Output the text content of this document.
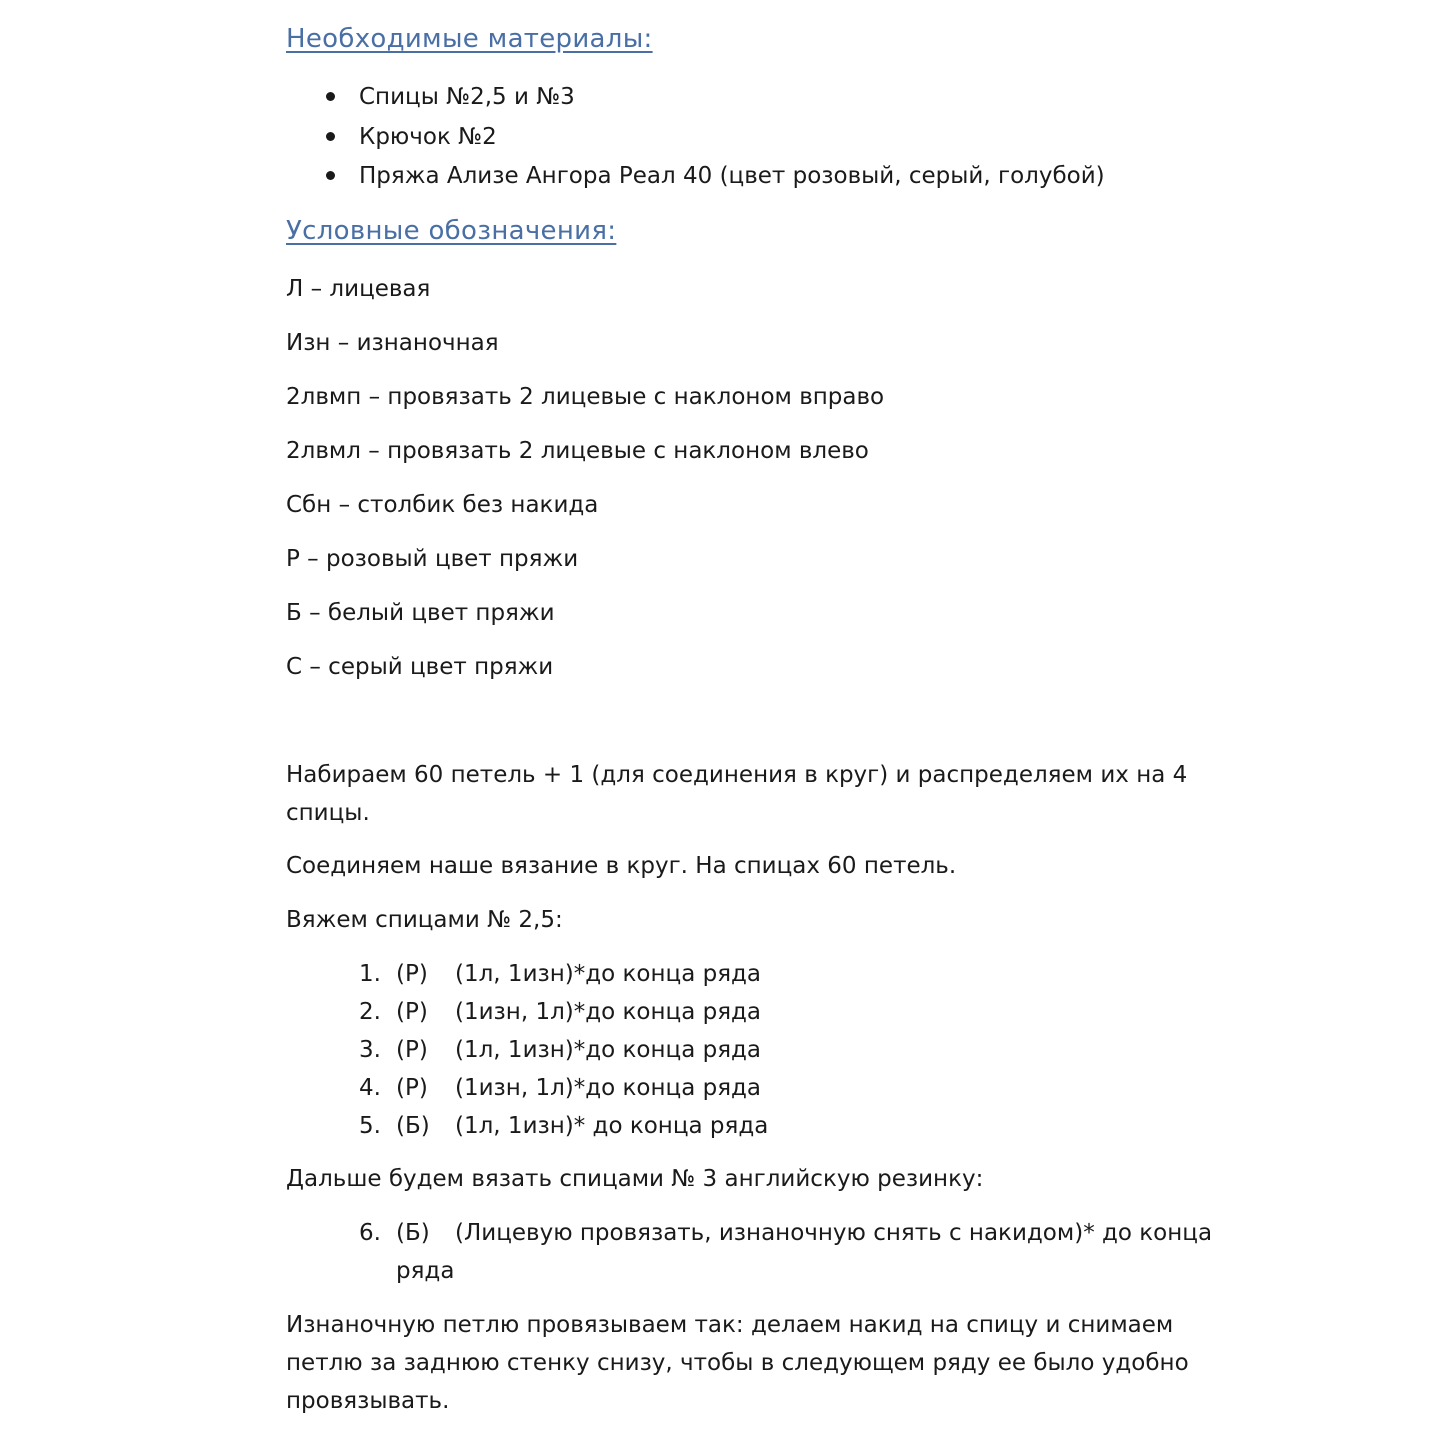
Необходимые материалы:
Спицы №2,5 и №3
Крючок №2
Пряжа Ализе Ангора Реал 40 (цвет розовый, серый, голубой)
Условные обозначения:
Л – лицевая
Изн – изнаночная
2лвмп – провязать 2 лицевые с наклоном вправо
2лвмл – провязать 2 лицевые с наклоном влево
Сбн – столбик без накида
Р – розовый цвет пряжи
Б – белый цвет пряжи
С – серый цвет пряжи
Набираем 60 петель + 1 (для соединения в круг) и распределяем их на 4 спицы.
Соединяем наше вязание в круг. На спицах 60 петель.
Вяжем спицами № 2,5:
1. (Р) (1л, 1изн)*до конца ряда
2. (Р) (1изн, 1л)*до конца ряда
3. (Р) (1л, 1изн)*до конца ряда
4. (Р) (1изн, 1л)*до конца ряда
5. (Б) (1л, 1изн)* до конца ряда
Дальше будем вязать спицами № 3 английскую резинку:
6. (Б) (Лицевую провязать, изнаночную снять с накидом)* до конца
ряда
Изнаночную петлю провязываем так: делаем накид на спицу и снимаем петлю за заднюю стенку снизу, чтобы в следующем ряду ее было удобно провязывать.
